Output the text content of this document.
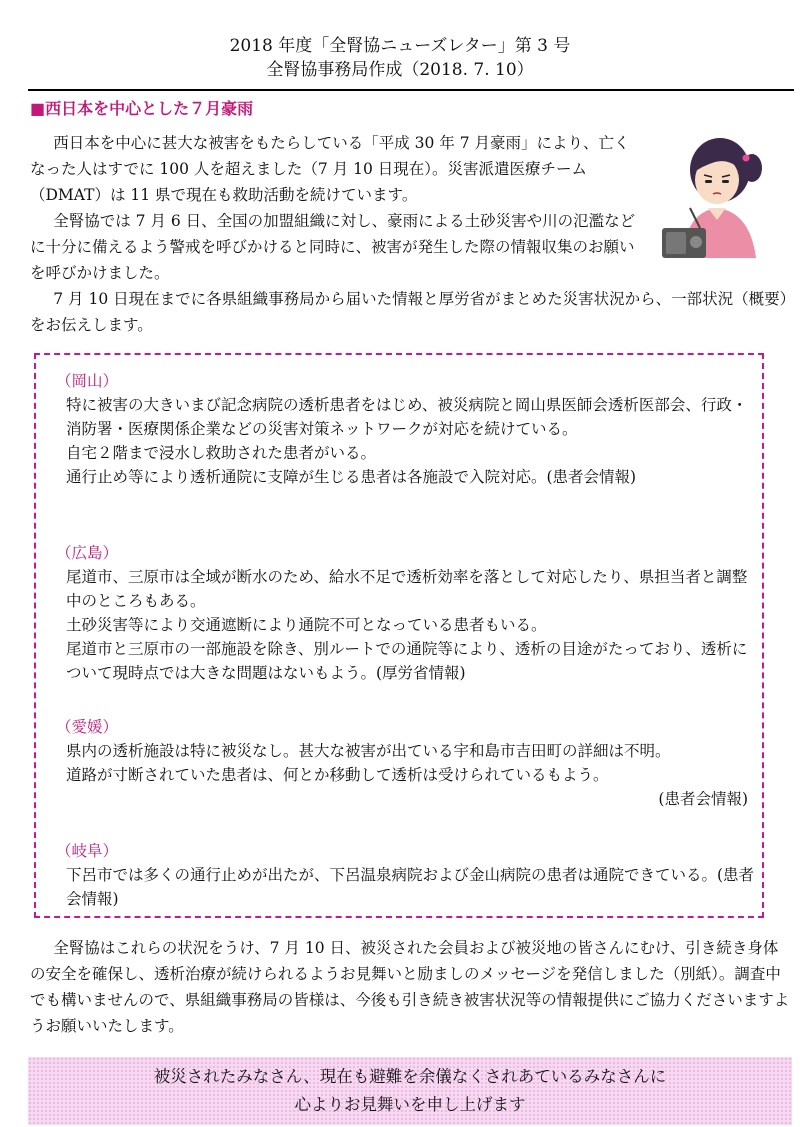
2018 年度「全腎協ニューズレター」第 3 号
全腎協事務局作成（2018. 7. 10）
■西日本を中心とした７月豪雨

西日本を中心に甚大な被害をもたらしている「平成 30 年 7 月豪雨」により、亡くなった人はすでに 100 人を超えました（7 月 10 日現在）。災害派遣医療チーム（DMAT）は 11 県で現在も救助活動を続けています。

全腎協では 7 月 6 日、全国の加盟組織に対し、豪雨による土砂災害や川の氾濫などに十分に備えるよう警戒を呼びかけると同時に、被害が発生した際の情報収集のお願いを呼びかけました。

7 月 10 日現在までに各県組織事務局から届いた情報と厚労省がまとめた災害状況から、一部状況（概要）をお伝えします。

（岡山）
特に被害の大きいまび記念病院の透析患者をはじめ、被災病院と岡山県医師会透析医部会、行政・消防署・医療関係企業などの災害対策ネットワークが対応を続けている。
自宅２階まで浸水し救助された患者がいる。
通行止め等により透析通院に支障が生じる患者は各施設で入院対応。(患者会情報)
（広島）
尾道市、三原市は全域が断水のため、給水不足で透析効率を落として対応したり、県担当者と調整中のところもある。
土砂災害等により交通遮断により通院不可となっている患者もいる。
尾道市と三原市の一部施設を除き、別ルートでの通院等により、透析の目途がたっており、透析について現時点では大きな問題はないもよう。(厚労省情報)
（愛媛）
県内の透析施設は特に被災なし。甚大な被害が出ている宇和島市吉田町の詳細は不明。
道路が寸断されていた患者は、何とか移動して透析は受けられているもよう。
(患者会情報)
（岐阜）
下呂市では多くの通行止めが出たが、下呂温泉病院および金山病院の患者は通院できている。(患者会情報)

全腎協はこれらの状況をうけ、7 月 10 日、被災された会員および被災地の皆さんにむけ、引き続き身体の安全を確保し、透析治療が続けられるようお見舞いと励ましのメッセージを発信しました（別紙）。調査中でも構いませんので、県組織事務局の皆様は、今後も引き続き被害状況等の情報提供にご協力くださいますようお願いいたします。

被災されたみなさん、現在も避難を余儀なくされあているみなさんに
心よりお見舞いを申し上げます
